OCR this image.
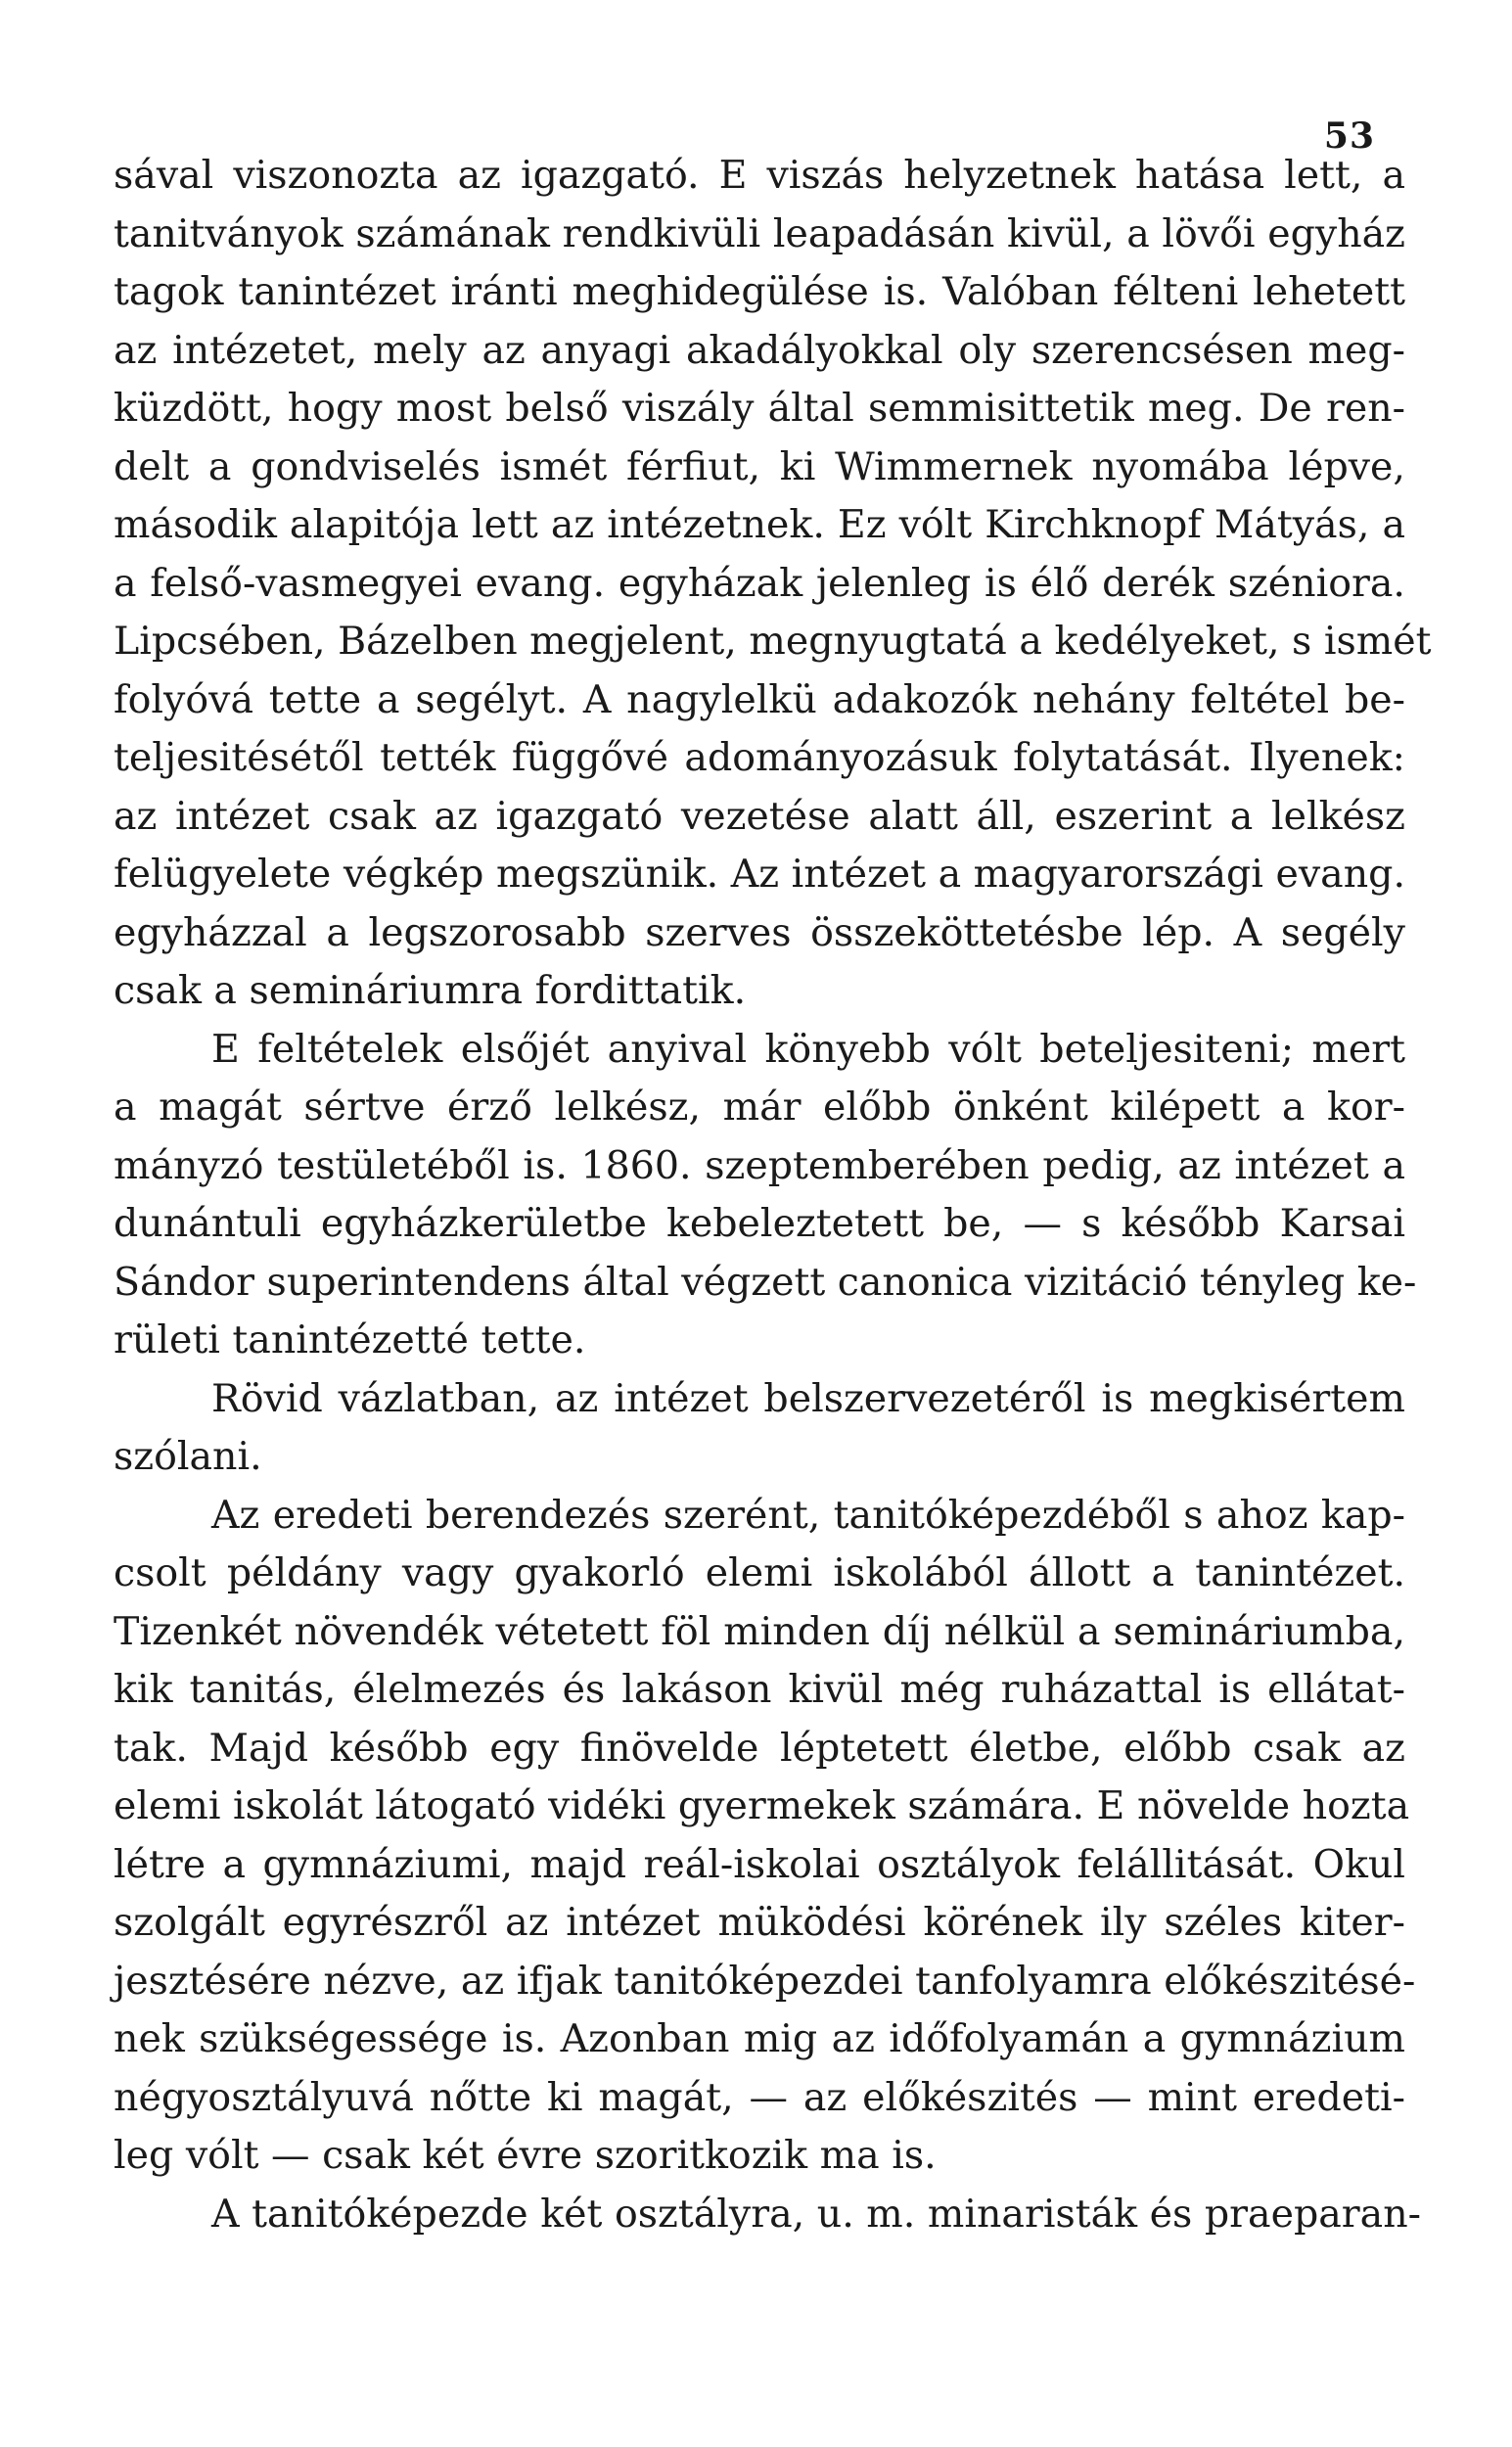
53
sával viszonozta az igazgató. E viszás helyzetnek hatása lett, a
tanitványok számának rendkivüli leapadásán kivül, a lövői egyház
tagok tanintézet iránti meghidegülése is. Valóban félteni lehetett
az intézetet, mely az anyagi akadályokkal oly szerencsésen meg-
küzdött, hogy most belső viszály által semmisittetik meg. De ren-
delt a gondviselés ismét férfiut, ki Wimmernek nyomába lépve,
második alapitója lett az intézetnek. Ez vólt Kirchknopf Mátyás, a
a felső-vasmegyei evang. egyházak jelenleg is élő derék széniora.
Lipcsében, Bázelben megjelent, megnyugtatá a kedélyeket, s ismét
folyóvá tette a segélyt. A nagylelkü adakozók nehány feltétel be-
teljesitésétől tették függővé adományozásuk folytatását. Ilyenek:
az intézet csak az igazgató vezetése alatt áll, eszerint a lelkész
felügyelete végkép megszünik. Az intézet a magyarországi evang.
egyházzal a legszorosabb szerves összeköttetésbe lép. A segély
csak a semináriumra fordittatik.
E feltételek elsőjét anyival könyebb vólt beteljesiteni; mert
a magát sértve érző lelkész, már előbb önként kilépett a kor-
mányzó testületéből is. 1860. szeptemberében pedig, az intézet a
dunántuli egyházkerületbe kebeleztetett be, — s később Karsai
Sándor superintendens által végzett canonica vizitáció tényleg ke-
rületi tanintézetté tette.
Rövid vázlatban, az intézet belszervezetéről is megkisértem
szólani.
Az eredeti berendezés szerént, tanitóképezdéből s ahoz kap-
csolt példány vagy gyakorló elemi iskolából állott a tanintézet.
Tizenkét növendék vétetett föl minden díj nélkül a semináriumba,
kik tanitás, élelmezés és lakáson kivül még ruházattal is ellátat-
tak. Majd később egy finövelde léptetett életbe, előbb csak az
elemi iskolát látogató vidéki gyermekek számára. E növelde hozta
létre a gymnáziumi, majd reál-iskolai osztályok felállitását. Okul
szolgált egyrészről az intézet müködési körének ily széles kiter-
jesztésére nézve, az ifjak tanitóképezdei tanfolyamra előkészitésé-
nek szükségessége is. Azonban mig az időfolyamán a gymnázium
négyosztályuvá nőtte ki magát, — az előkészités — mint eredeti-
leg vólt — csak két évre szoritkozik ma is.
A tanitóképezde két osztályra, u. m. minaristák és praeparan-
